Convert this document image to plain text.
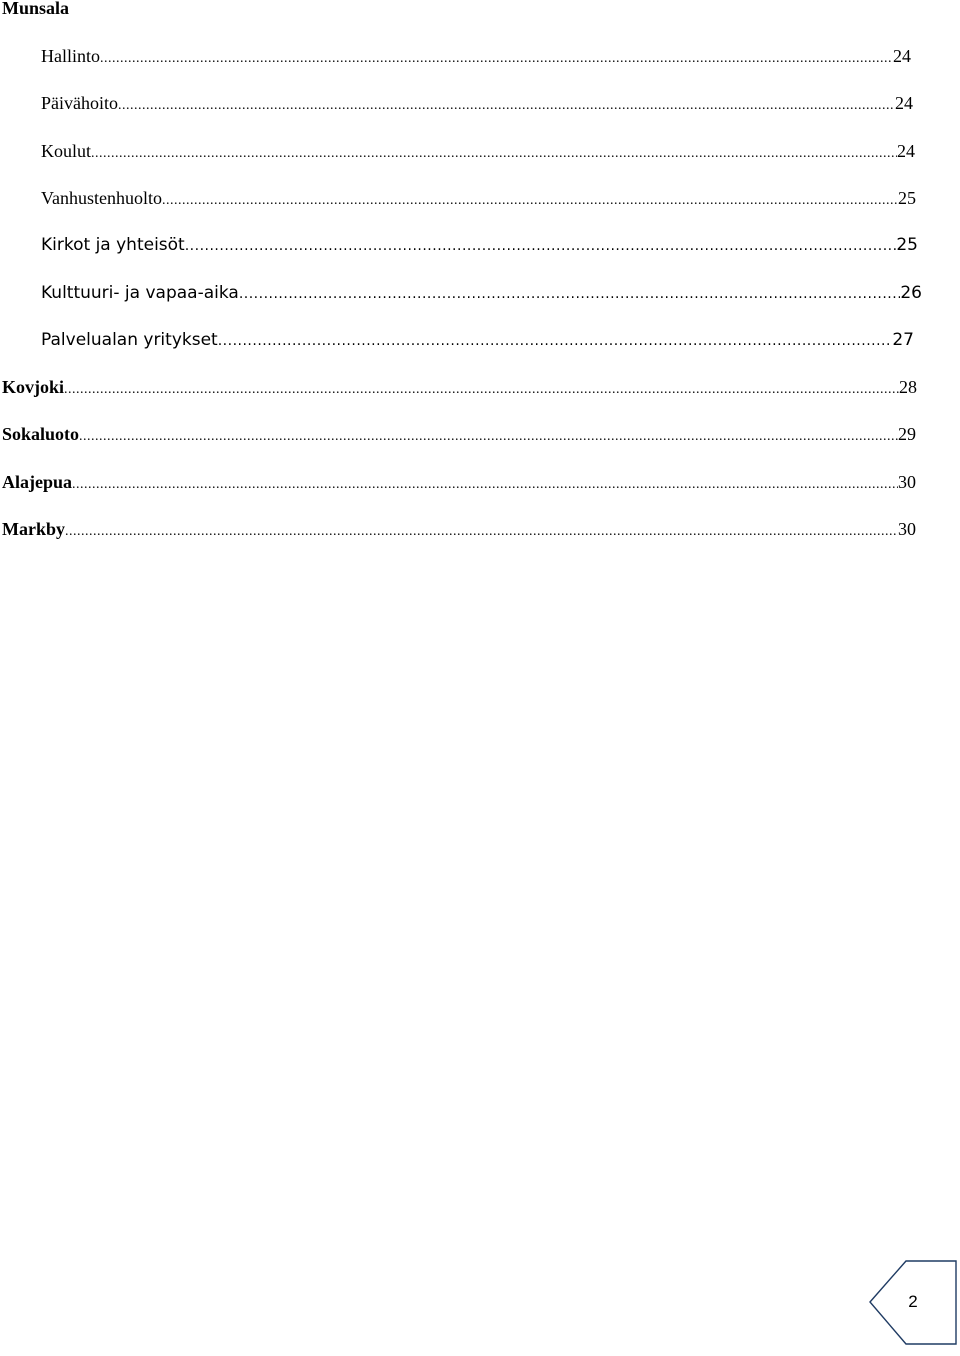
Munsala
Hallinto .....	24
Päivähoito .....	24
Koulut .....	24
Vanhustenhuolto .....	25
Kirkot ja yhteisöt .....	25
Kulttuuri- ja vapaa-aika .....	26
Palvelualan yritykset .....	27
Kovjoki .....	28
Sokaluoto .....	29
Alajepua .....	30
Markby .....	30
2
